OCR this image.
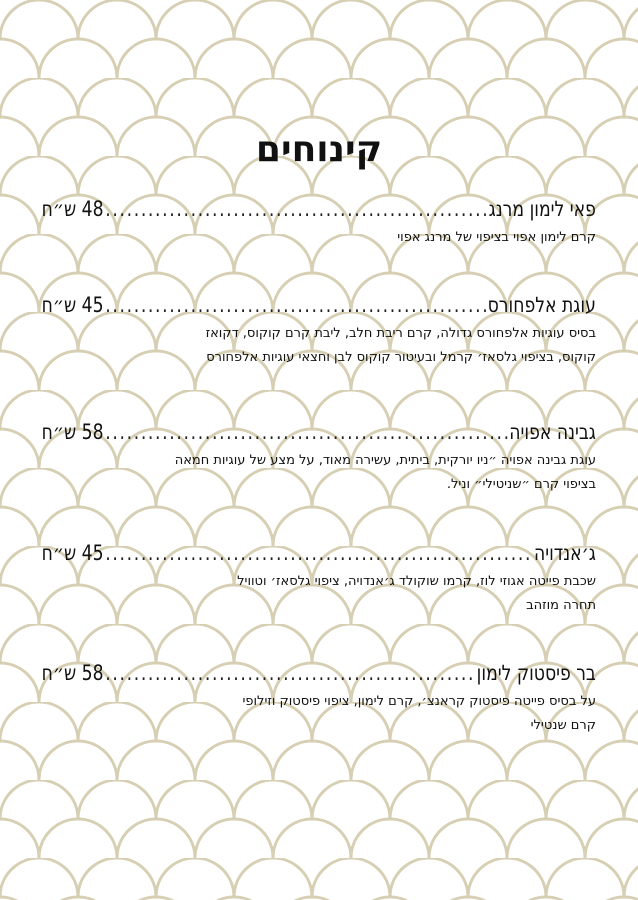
קינוחים
פאי לימון מרנג
.....
48 ש״ח

קרם לימון אפוי בציפוי של מרנג אפוי

עוגת אלפחורס
.....
45 ש״ח

בסיס עוגיות אלפחורס גדולה, קרם ריבת חלב, ליבת קרם קוקוס, דקואז

קוקוס, בציפוי גלסאז׳ קרמל ובעיטור קוקוס לבן וחצאי עוגיות אלפחורס

גבינה אפויה
.....
58 ש״ח

עוגת גבינה אפויה ״ניו יורקית, ביתית, עשירה מאוד, על מצע של עוגיות חמאה

בציפוי קרם ״שניטילי״ וניל.

ג׳אנדויה
.....
45 ש״ח

שכבת פייטה אגוזי לוז, קרמו שוקולד ג׳אנדויה, ציפוי גלסאז׳ וטוויל

תחרה מוזהב

בר פיסטוק לימון
.....
58 ש״ח

על בסיס פייטה פיסטוק קראנצ׳, קרם לימון, ציפוי פיסטוק וזילופי

קרם שנטילי
